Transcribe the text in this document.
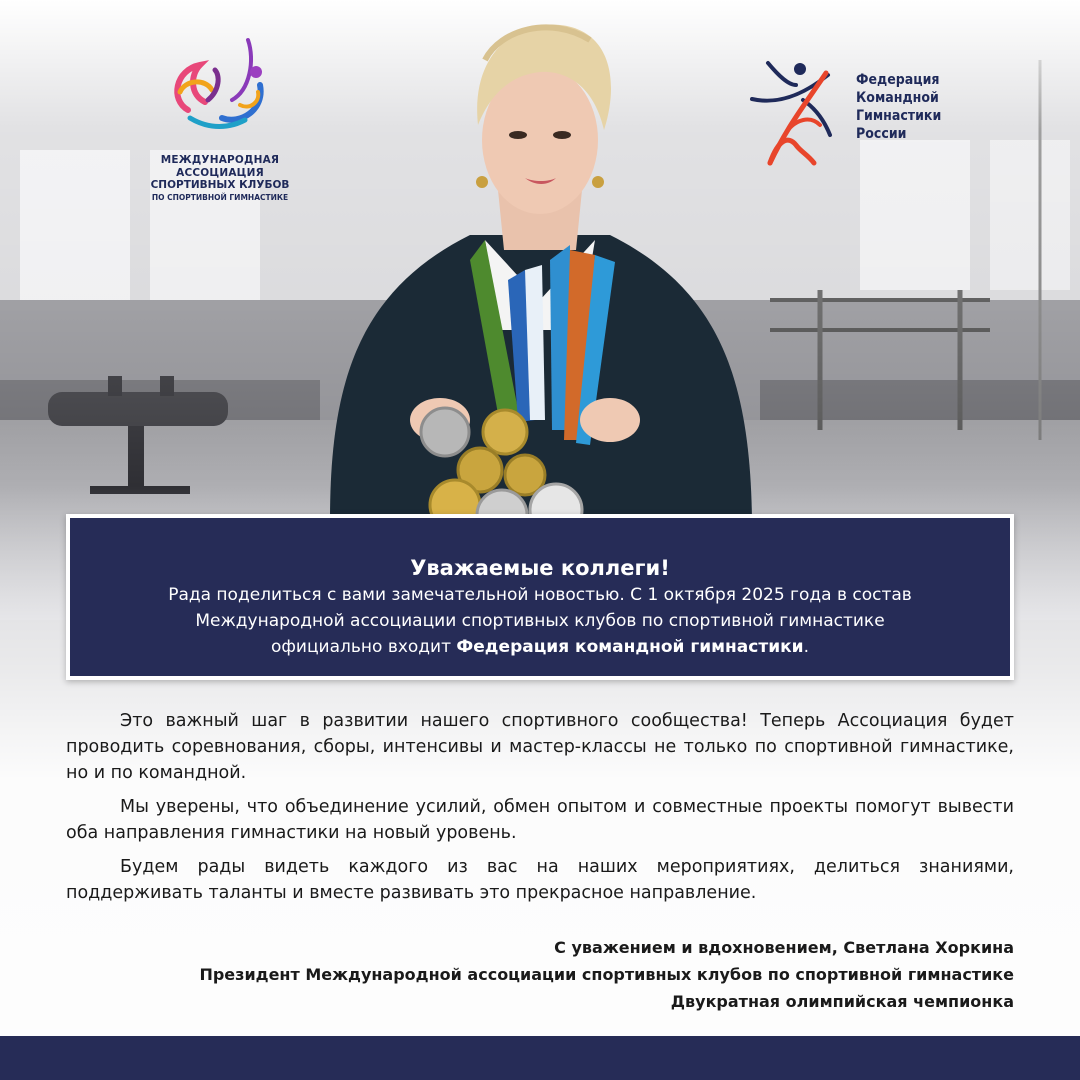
МЕЖДУНАРОДНАЯ АССОЦИАЦИЯ
СПОРТИВНЫХ КЛУБОВ
ПО СПОРТИВНОЙ ГИМНАСТИКЕ
Федерация
Командной
Гимнастики
России
Уважаемые коллеги!
Рада поделиться с вами замечательной новостью. С 1 октября 2025 года в состав
Международной ассоциации спортивных клубов по спортивной гимнастике
официально входит Федерация командной гимнастики.

Это важный шаг в развитии нашего спортивного сообщества! Теперь Ассоциация будет проводить соревнования, сборы, интенсивы и мастер-классы не только по спортивной гимнастике, но и по командной.

Мы уверены, что объединение усилий, обмен опытом и совместные проекты помогут вывести оба направления гимнастики на новый уровень.

Будем рады видеть каждого из вас на наших мероприятиях, делиться знаниями, поддерживать таланты и вместе развивать это прекрасное направление.

С уважением и вдохновением, Светлана Хоркина
Президент Международной ассоциации спортивных клубов по спортивной гимнастике
Двукратная олимпийская чемпионка
